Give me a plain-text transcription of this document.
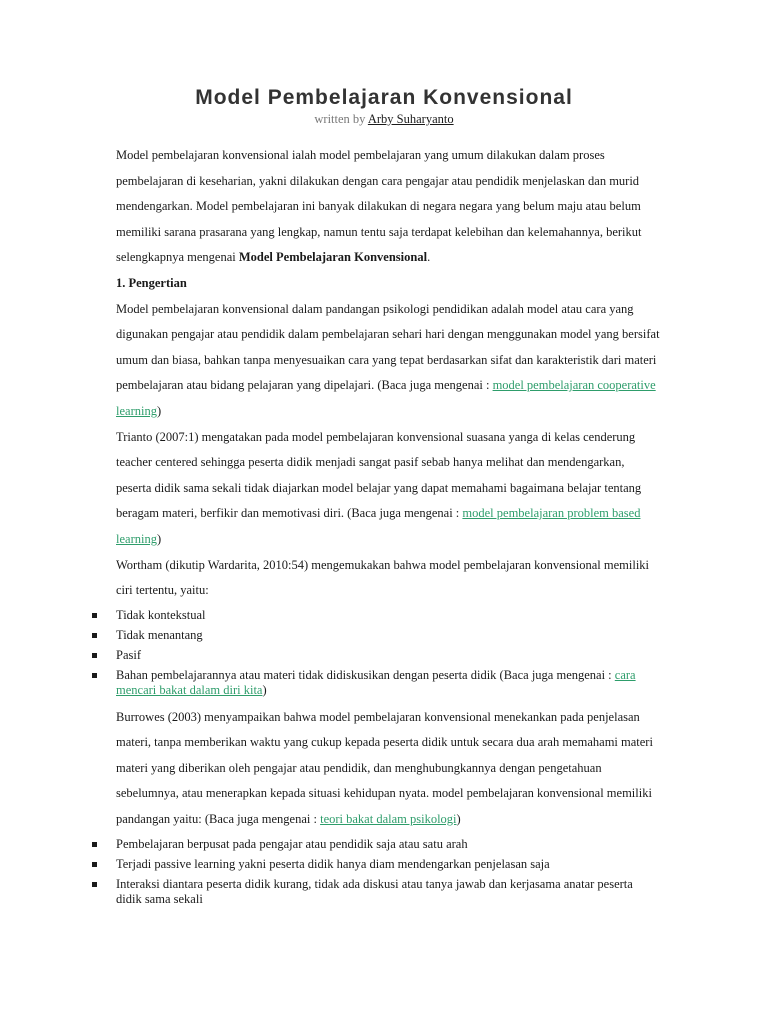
Model Pembelajaran Konvensional
written by Arby Suharyanto

Model pembelajaran konvensional ialah model pembelajaran yang umum dilakukan dalam proses pembelajaran di keseharian, yakni dilakukan dengan cara pengajar atau pendidik menjelaskan dan murid mendengarkan. Model pembelajaran ini banyak dilakukan di negara negara yang belum maju atau belum memiliki sarana prasarana yang lengkap, namun tentu saja terdapat kelebihan dan kelemahannya, berikut selengkapnya mengenai Model Pembelajaran Konvensional.

1. Pengertian

Model pembelajaran konvensional dalam pandangan psikologi pendidikan adalah model atau cara yang digunakan pengajar atau pendidik dalam pembelajaran sehari hari dengan menggunakan model yang bersifat umum dan biasa, bahkan tanpa menyesuaikan cara yang tepat berdasarkan sifat dan karakteristik dari materi pembelajaran atau bidang pelajaran yang dipelajari. (Baca juga mengenai : model pembelajaran cooperative learning)

Trianto (2007:1) mengatakan pada model pembelajaran konvensional suasana yanga di kelas cenderung teacher centered sehingga peserta didik menjadi sangat pasif sebab hanya melihat dan mendengarkan, peserta didik sama sekali tidak diajarkan model belajar yang dapat memahami bagaimana belajar tentang beragam materi, berfikir dan memotivasi diri. (Baca juga mengenai : model pembelajaran problem based learning)

Wortham (dikutip Wardarita, 2010:54) mengemukakan bahwa model pembelajaran konvensional memiliki ciri tertentu, yaitu:

Tidak kontekstual
Tidak menantang
Pasif
Bahan pembelajarannya atau materi tidak didiskusikan dengan peserta didik (Baca juga mengenai : cara mencari bakat dalam diri kita)

Burrowes (2003) menyampaikan bahwa model pembelajaran konvensional menekankan pada penjelasan materi, tanpa memberikan waktu yang cukup kepada peserta didik untuk secara dua arah memahami materi materi yang diberikan oleh pengajar atau pendidik, dan menghubungkannya dengan pengetahuan sebelumnya, atau menerapkan kepada situasi kehidupan nyata. model pembelajaran konvensional memiliki pandangan yaitu: (Baca juga mengenai : teori bakat dalam psikologi)

Pembelajaran berpusat pada pengajar atau pendidik saja atau satu arah
Terjadi passive learning yakni peserta didik hanya diam mendengarkan penjelasan saja
Interaksi diantara peserta didik kurang, tidak ada diskusi atau tanya jawab dan kerjasama anatar peserta didik sama sekali
